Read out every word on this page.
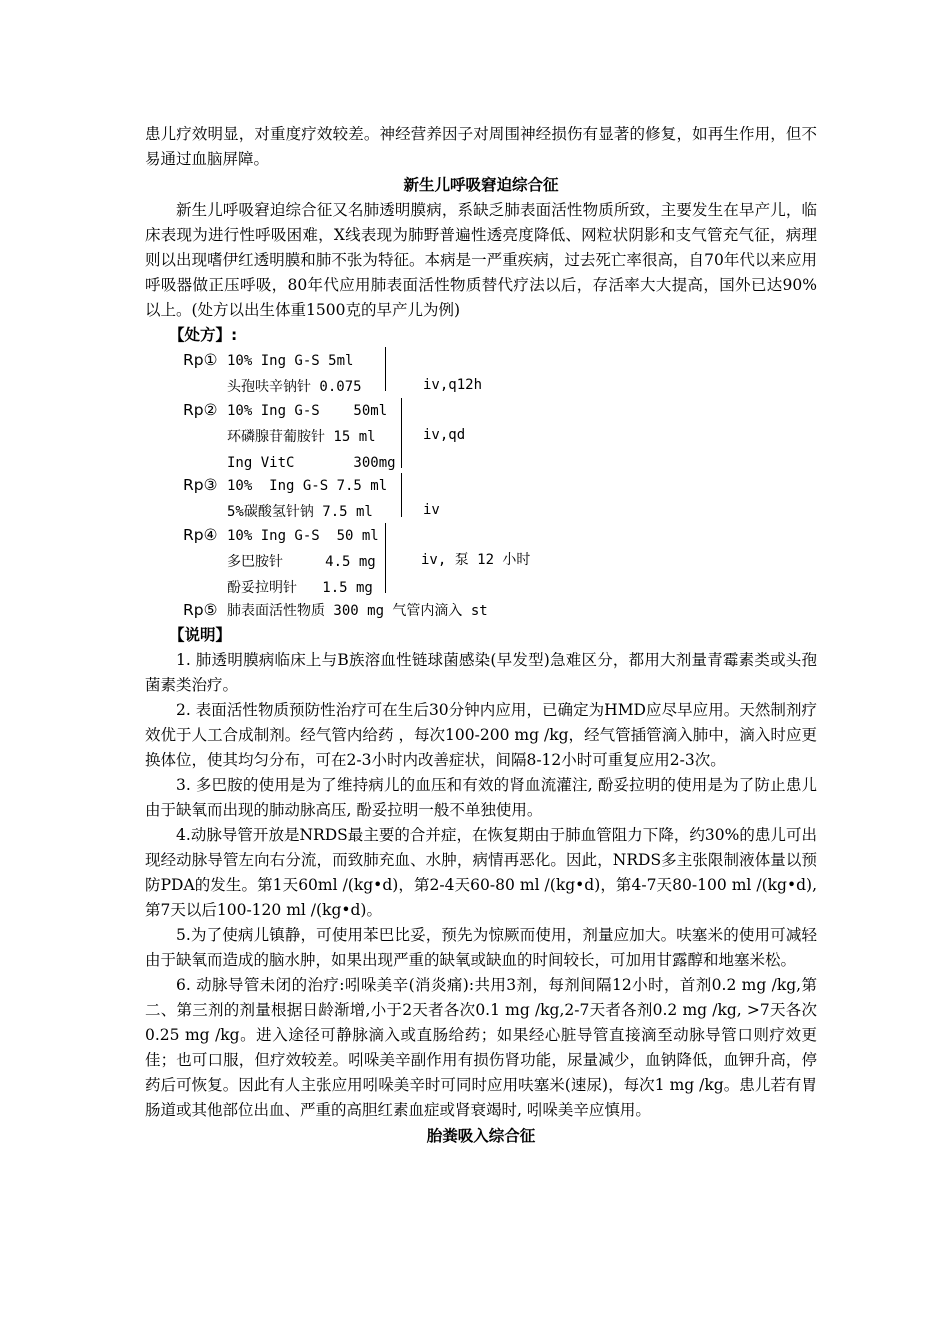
患儿疗效明显，对重度疗效较差。神经营养因子对周围神经损伤有显著的修复，如再生作用，但不易通过血脑屏障。

新生儿呼吸窘迫综合征

新生儿呼吸窘迫综合征又名肺透明膜病，系缺乏肺表面活性物质所致，主要发生在早产儿，临床表现为进行性呼吸困难，X线表现为肺野普遍性透亮度降低、网粒状阴影和支气管充气征，病理则以出现嗜伊红透明膜和肺不张为特征。本病是一严重疾病，过去死亡率很高，自70年代以来应用呼吸器做正压呼吸，80年代应用肺表面活性物质替代疗法以后，存活率大大提高，国外已达90%以上。(处方以出生体重1500克的早产儿为例)

【处方】:
Rp① 10% Ing G-S 5ml
头孢呋辛钠针 0.075	iv,q12h
Rp② 10% Ing G-S    50ml
环磷腺苷葡胺针 15 ml
Ing VitC       300mg
iv,qd
Rp③ 10%  Ing G-S 7.5 ml
5%碳酸氢针钠 7.5 ml	iv
Rp④ 10% Ing G-S  50 ml
多巴胺针     4.5 mg
酚妥拉明针   1.5 mg
iv, 泵 12 小时
Rp⑤ 肺表面活性物质 300 mg 气管内滴入 st
【说明】

1. 肺透明膜病临床上与B族溶血性链球菌感染(早发型)急难区分，都用大剂量青霉素类或头孢菌素类治疗。

2. 表面活性物质预防性治疗可在生后30分钟内应用，已确定为HMD应尽早应用。天然制剂疗效优于人工合成制剂。经气管内给药 ，每次100-200 mg /kg，经气管插管滴入肺中，滴入时应更换体位，使其均匀分布，可在2-3小时内改善症状，间隔8-12小时可重复应用2-3次。

3. 多巴胺的使用是为了维持病儿的血压和有效的肾血流灌注, 酚妥拉明的使用是为了防止患儿由于缺氧而出现的肺动脉高压, 酚妥拉明一般不单独使用。

4.动脉导管开放是NRDS最主要的合并症，在恢复期由于肺血管阻力下降，约30%的患儿可出现经动脉导管左向右分流，而致肺充血、水肿，病情再恶化。因此，NRDS多主张限制液体量以预防PDA的发生。第1天60ml /(kg•d)，第2-4天60-80 ml /(kg•d)，第4-7天80-100 ml /(kg•d), 第7天以后100-120 ml /(kg•d)。

5.为了使病儿镇静，可使用苯巴比妥，预先为惊厥而使用，剂量应加大。呋塞米的使用可减轻由于缺氧而造成的脑水肿，如果出现严重的缺氧或缺血的时间较长，可加用甘露醇和地塞米松。

6. 动脉导管未闭的治疗:吲哚美辛(消炎痛):共用3剂，每剂间隔12小时，首剂0.2 mg /kg,第二、第三剂的剂量根据日龄渐增,小于2天者各次0.1 mg /kg,2-7天者各剂0.2 mg /kg, >7天各次0.25 mg /kg。进入途径可静脉滴入或直肠给药；如果经心脏导管直接滴至动脉导管口则疗效更佳；也可口服，但疗效较差。吲哚美辛副作用有损伤肾功能，尿量减少，血钠降低，血钾升高，停药后可恢复。因此有人主张应用吲哚美辛时可同时应用呋塞米(速尿)，每次1 mg /kg。患儿若有胃肠道或其他部位出血、严重的高胆红素血症或肾衰竭时, 吲哚美辛应慎用。

胎粪吸入综合征
